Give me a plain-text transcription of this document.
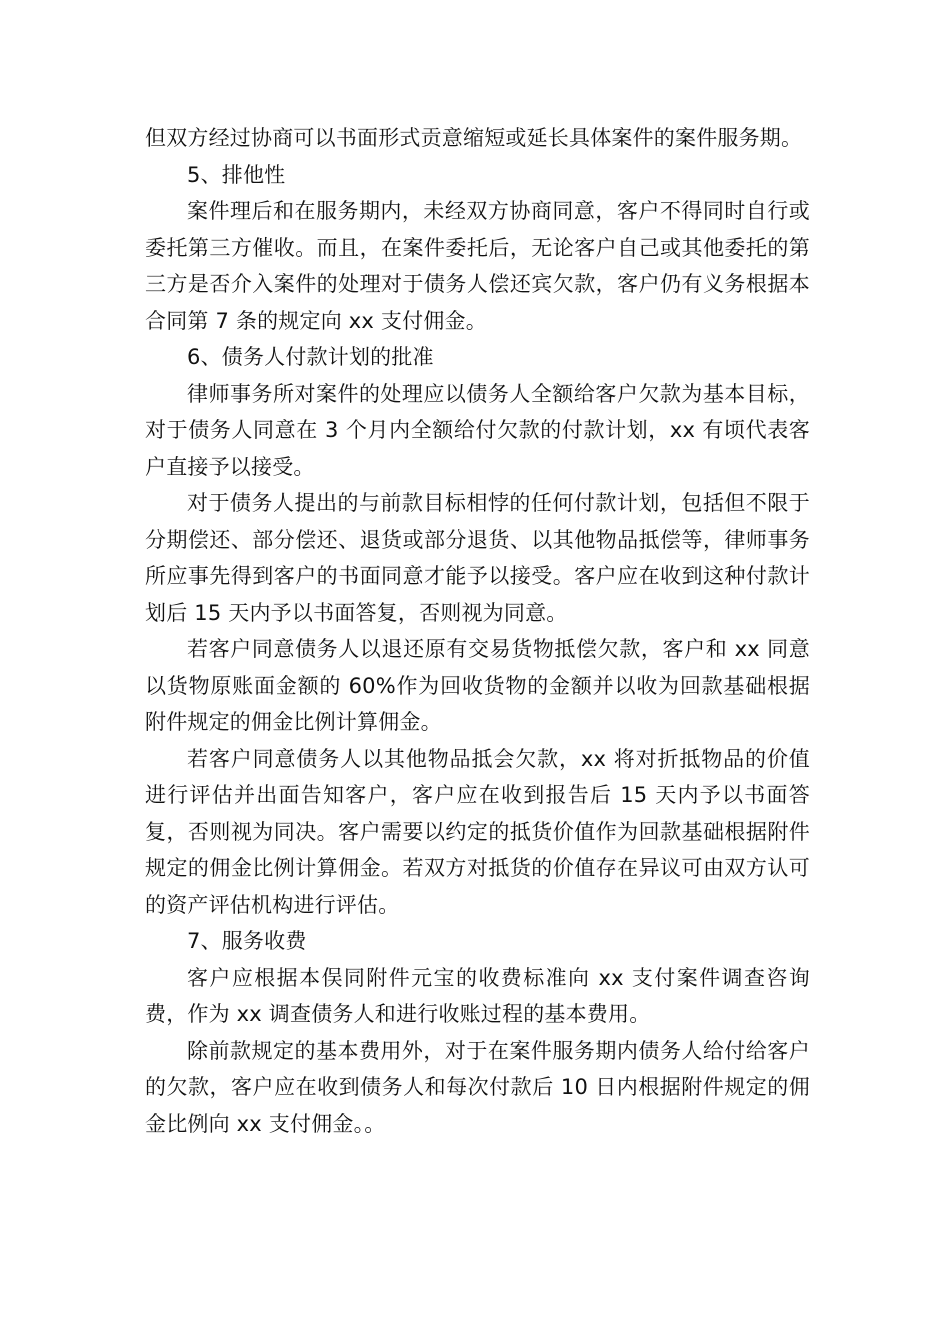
但双方经过协商可以书面形式贡意缩短或延长具体案件的案件服务期。

5、排他性

案件理后和在服务期内，未经双方协商同意，客户不得同时自行或委托第三方催收。而且，在案件委托后，无论客户自己或其他委托的第三方是否介入案件的处理对于债务人偿还宾欠款，客户仍有义务根据本合同第 7 条的规定向 xx 支付佣金。

6、债务人付款计划的批准

律师事务所对案件的处理应以债务人全额给客户欠款为基本目标，对于债务人同意在 3 个月内全额给付欠款的付款计划，xx 有顷代表客户直接予以接受。

对于债务人提出的与前款目标相悖的任何付款计划，包括但不限于分期偿还、部分偿还、退货或部分退货、以其他物品抵偿等，律师事务所应事先得到客户的书面同意才能予以接受。客户应在收到这种付款计划后 15 天内予以书面答复，否则视为同意。

若客户同意债务人以退还原有交易货物抵偿欠款，客户和 xx 同意以货物原账面金额的 60%作为回收货物的金额并以收为回款基础根据附件规定的佣金比例计算佣金。

若客户同意债务人以其他物品抵会欠款，xx 将对折抵物品的价值进行评估并出面告知客户，客户应在收到报告后 15 天内予以书面答复，否则视为同决。客户需要以约定的抵货价值作为回款基础根据附件规定的佣金比例计算佣金。若双方对抵货的价值存在异议可由双方认可的资产评估机构进行评估。

7、服务收费

客户应根据本俣同附件元宝的收费标准向 xx 支付案件调查咨询费，作为 xx 调查债务人和进行收账过程的基本费用。

除前款规定的基本费用外，对于在案件服务期内债务人给付给客户的欠款，客户应在收到债务人和每次付款后 10 日内根据附件规定的佣金比例向 xx 支付佣金。。
